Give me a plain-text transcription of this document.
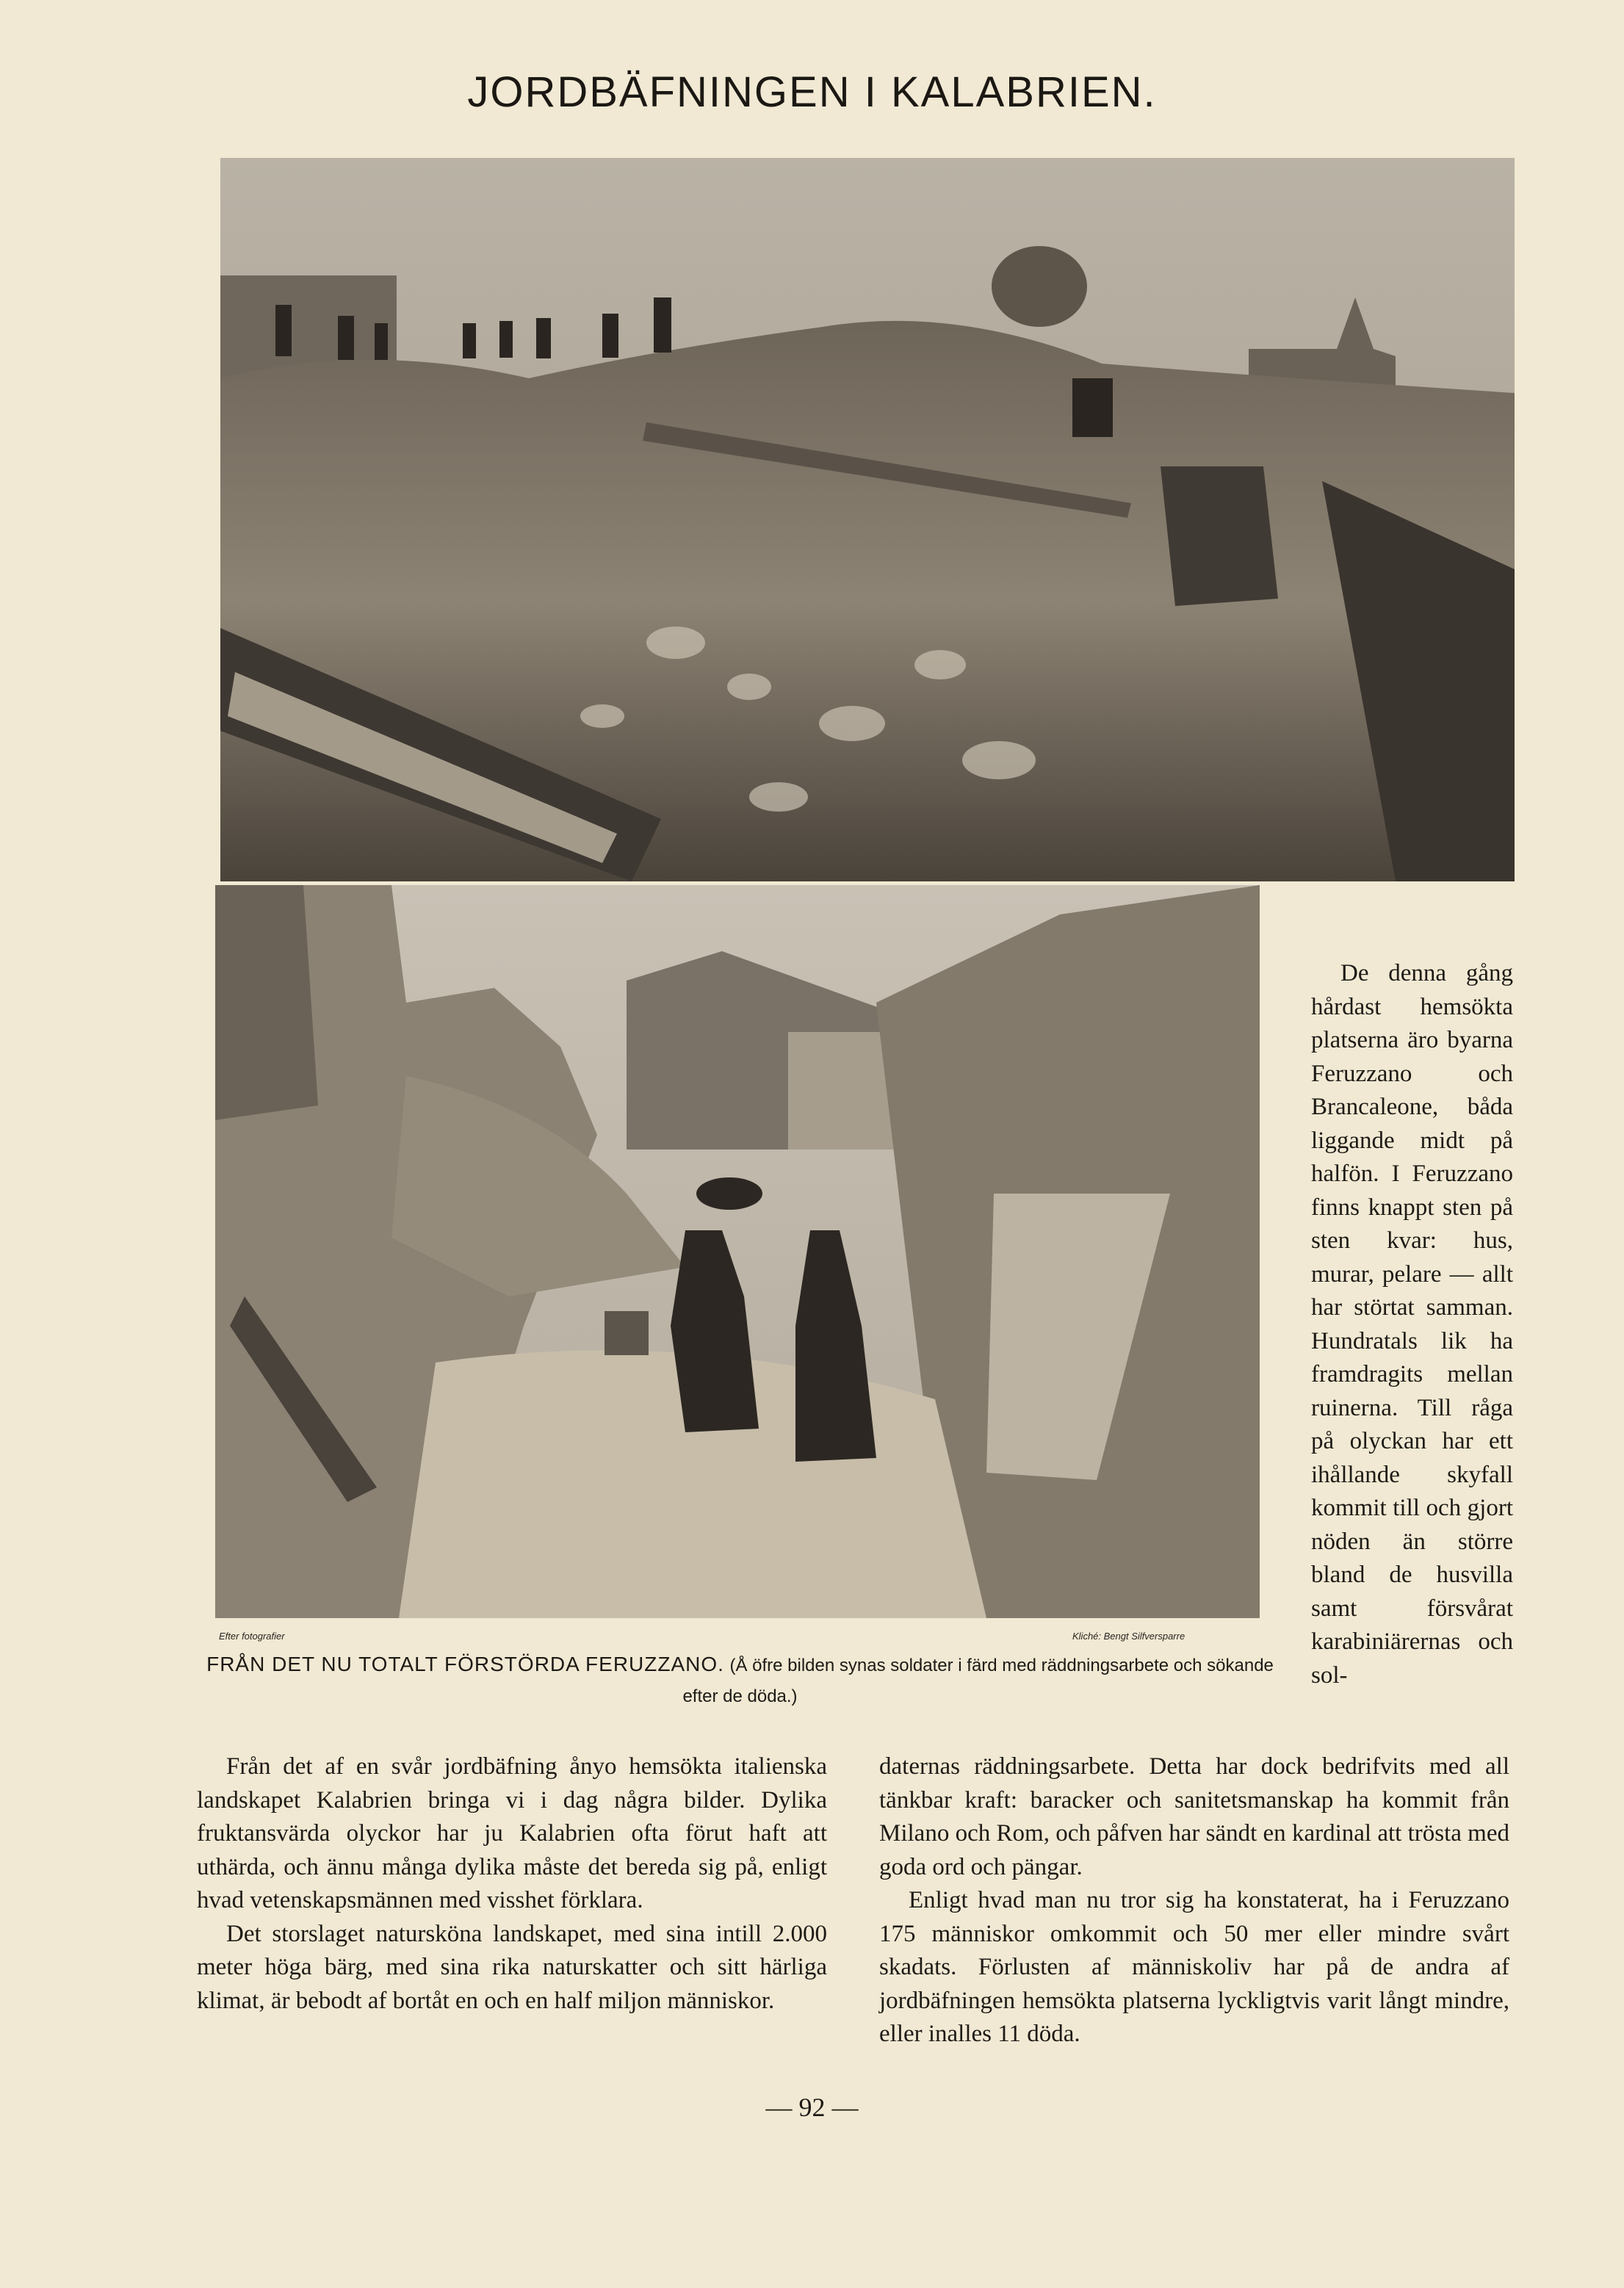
JORDBÄFNINGEN I KALABRIEN.
Efter fotografier	Kliché: Bengt Silfversparre
FRÅN DET NU TOTALT FÖRSTÖRDA FERUZZANO. (Å öfre bilden synas soldater i färd med räddningsarbete och sökande efter de döda.)

De denna gång hårdast hemsökta platserna äro byarna Feruzzano och Brancaleone, båda liggande midt på halfön. I Feruzzano finns knappt sten på sten kvar: hus, murar, pelare — allt har störtat samman. Hundratals lik ha framdragits mellan ruinerna. Till råga på olyckan har ett ihållande skyfall kommit till och gjort nöden än större bland de husvilla samt försvårat karabiniärernas och sol-

Från det af en svår jordbäfning ånyo hemsökta italienska landskapet Kalabrien bringa vi i dag några bilder. Dylika fruktansvärda olyckor har ju Kalabrien ofta förut haft att uthärda, och ännu många dylika måste det bereda sig på, enligt hvad vetenskapsmännen med visshet förklara.

Det storslaget natursköna landskapet, med sina intill 2.000 meter höga bärg, med sina rika naturskatter och sitt härliga klimat, är bebodt af bortåt en och en half miljon människor.

daternas räddningsarbete. Detta har dock bedrifvits med all tänkbar kraft: baracker och sanitetsmanskap ha kommit från Milano och Rom, och påfven har sändt en kardinal att trösta med goda ord och pängar.

Enligt hvad man nu tror sig ha konstaterat, ha i Feruzzano 175 människor omkommit och 50 mer eller mindre svårt skadats. Förlusten af människoliv har på de andra af jordbäfningen hemsökta platserna lyckligtvis varit långt mindre, eller inalles 11 döda.

— 92 —
